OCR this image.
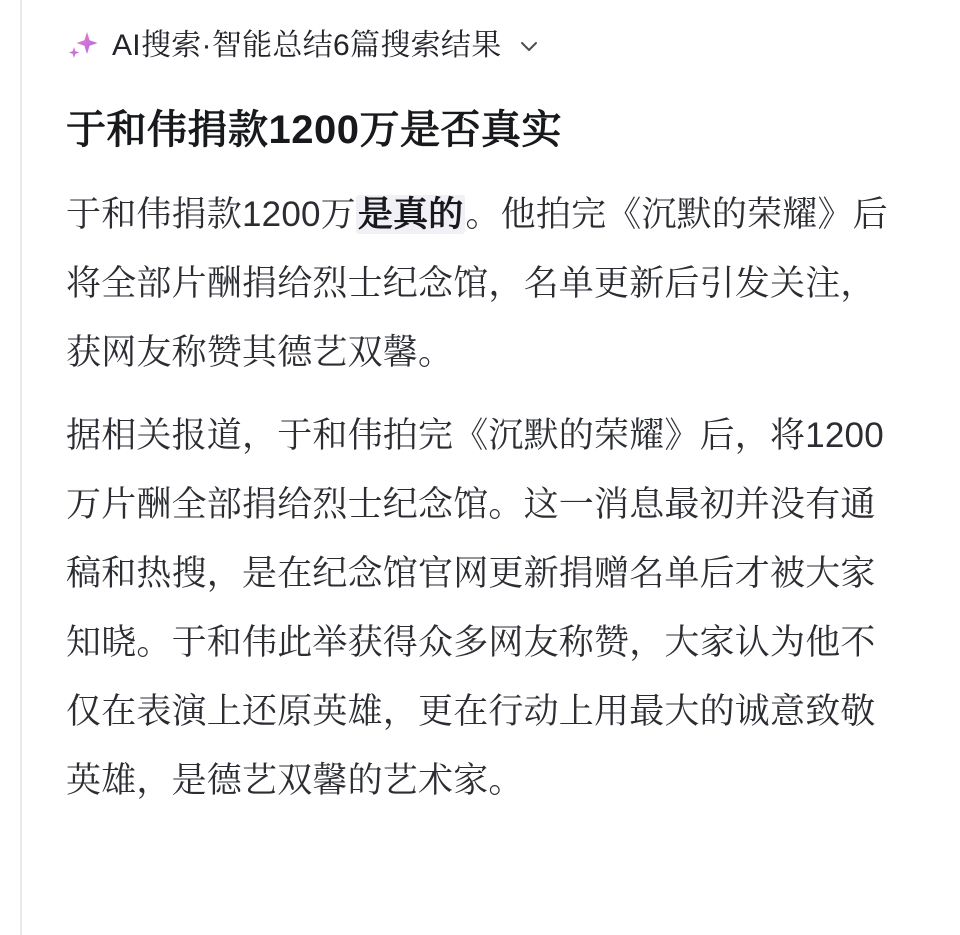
AI搜索·智能总结6篇搜索结果
于和伟捐款1200万是否真实

于和伟捐款1200万是真的。他拍完《沉默的荣耀》后将全部片酬捐给烈士纪念馆，名单更新后引发关注，获网友称赞其德艺双馨。

据相关报道，于和伟拍完《沉默的荣耀》后，将1200万片酬全部捐给烈士纪念馆。这一消息最初并没有通稿和热搜，是在纪念馆官网更新捐赠名单后才被大家知晓。于和伟此举获得众多网友称赞，大家认为他不仅在表演上还原英雄，更在行动上用最大的诚意致敬英雄，是德艺双馨的艺术家。
